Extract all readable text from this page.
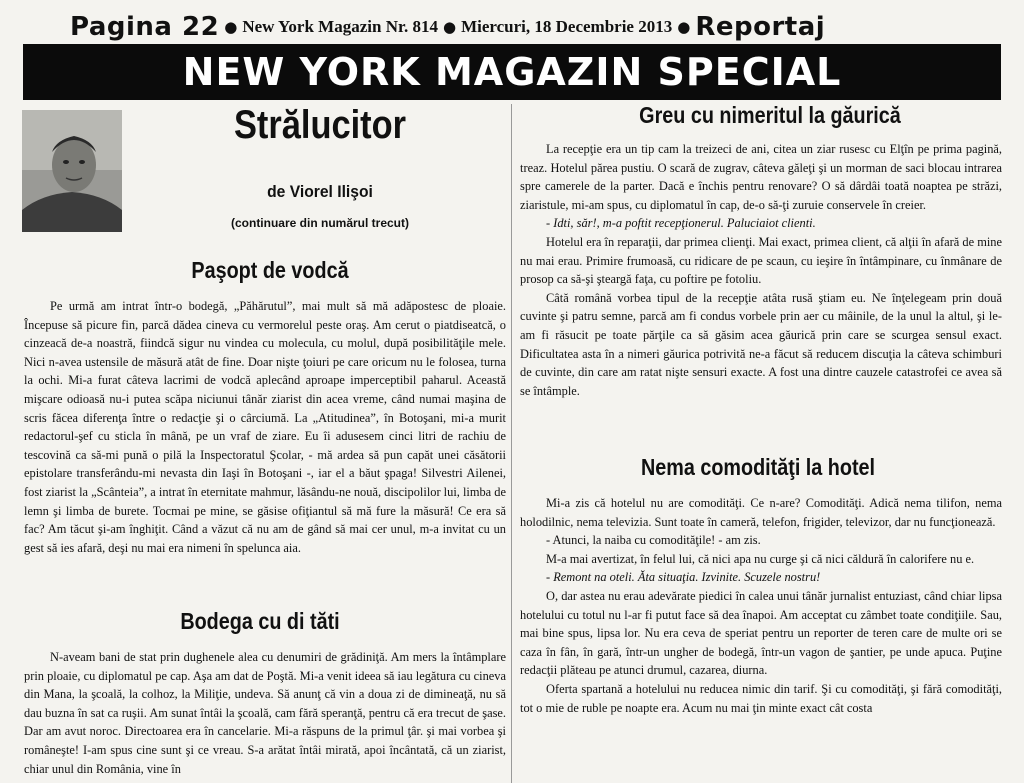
Pagina 22 ● New York Magazin Nr. 814 ● Miercuri, 18 Decembrie 2013 ● Reportaj
NEW YORK MAGAZIN SPECIAL
Strălucitor
de Viorel Ilişoi
(continuare din numărul trecut)
Paşopt de vodcă

Pe urmă am intrat într-o bodegă, „Păhărutul”, mai mult să mă adăpostesc de ploaie. Începuse să picure fin, parcă dădea cineva cu vermorelul peste oraş. Am cerut o piatdiseatcă, o cinzeacă de-a noastră, fiindcă sigur nu vindea cu molecula, cu molul, după posibilităţile mele. Nici n-avea ustensile de măsură atât de fine. Doar nişte ţoiuri pe care oricum nu le folosea, turna la ochi. Mi-a furat câteva lacrimi de vodcă aplecând aproape imperceptibil paharul. Această mişcare odioasă nu-i putea scăpa niciunui tânăr ziarist din acea vreme, când numai maşina de scris făcea diferenţa între o redacţie şi o cârciumă. La „Atitudinea”, în Botoşani, mi-a murit redactorul-şef cu sticla în mână, pe un vraf de ziare. Eu îi adusesem cinci litri de rachiu de tescovină ca să-mi pună o pilă la Inspectoratul Şcolar, - mă ardea să pun capăt unei căsătorii epistolare transferându-mi nevasta din Iaşi în Botoşani -, iar el a băut şpaga! Silvestri Ailenei, fost ziarist la „Scânteia”, a intrat în eternitate mahmur, lăsându-ne nouă, discipolilor lui, limba de lemn şi limba de burete. Tocmai pe mine, se găsise ofiţiantul să mă fure la măsură! Ce era să fac? Am tăcut şi-am înghiţit. Când a văzut că nu am de gând să mai cer unul, m-a invitat cu un gest să ies afară, deşi nu mai era nimeni în spelunca aia.

Bodega cu di tăti

N-aveam bani de stat prin dughenele alea cu denumiri de grădiniţă. Am mers la întâmplare prin ploaie, cu diplomatul pe cap. Aşa am dat de Poştă. Mi-a venit ideea să iau legătura cu cineva din Mana, la şcoală, la colhoz, la Miliţie, undeva. Să anunţ că vin a doua zi de dimineaţă, nu să dau buzna în sat ca ruşii. Am sunat întâi la şcoală, cam fără speranţă, pentru că era trecut de şase. Dar am avut noroc. Directoarea era în cancelarie. Mi-a răspuns de la primul ţâr. şi mai vorbea şi româneşte! I-am spus cine sunt şi ce vreau. S-a arătat întâi mirată, apoi încântată, că un ziarist, chiar unul din România, vine în

Greu cu nimeritul la găurică

La recepţie era un tip cam la treizeci de ani, citea un ziar rusesc cu Elţîn pe prima pagină, treaz. Hotelul părea pustiu. O scară de zugrav, câteva găleţi şi un morman de saci blocau intrarea spre camerele de la parter. Dacă e închis pentru renovare? O să dârdâi toată noaptea pe străzi, ziaristule, mi-am spus, cu diplomatul în cap, de-o să-ţi zuruie conservele în creier.

- Idti, săr!, m-a poftit recepţionerul. Paluciaiot clienti.

Hotelul era în reparaţii, dar primea clienţi. Mai exact, primea client, că alţii în afară de mine nu mai erau. Primire frumoasă, cu ridicare de pe scaun, cu ieşire în întâmpinare, cu înmânare de prosop ca să-şi şteargă faţa, cu poftire pe fotoliu.

Câtă română vorbea tipul de la recepţie atâta rusă ştiam eu. Ne înţelegeam prin două cuvinte şi patru semne, parcă am fi condus vorbele prin aer cu mâinile, de la unul la altul, şi le-am fi răsucit pe toate părţile ca să găsim acea găurică prin care se scurgea sensul exact. Dificultatea asta în a nimeri găurica potrivită ne-a făcut să reducem discuţia la câteva schimburi de cuvinte, din care am ratat nişte sensuri exacte. A fost una dintre cauzele catastrofei ce avea să se întâmple.

Nema comodităţi la hotel

Mi-a zis că hotelul nu are comodităţi. Ce n-are? Comodităţi. Adică nema tilifon, nema holodilnic, nema televizia. Sunt toate în cameră, telefon, frigider, televizor, dar nu funcţionează.

- Atunci, la naiba cu comodităţile! - am zis.

M-a mai avertizat, în felul lui, că nici apa nu curge şi că nici căldură în calorifere nu e.

- Remont na oteli. Ăta situaţia. Izvinite. Scuzele nostru!

O, dar astea nu erau adevărate piedici în calea unui tânăr jurnalist entuziast, când chiar lipsa hotelului cu totul nu l-ar fi putut face să dea înapoi. Am acceptat cu zâmbet toate condiţiile. Sau, mai bine spus, lipsa lor. Nu era ceva de speriat pentru un reporter de teren care de multe ori se caza în fân, în gară, într-un ungher de bodegă, într-un vagon de şantier, pe unde apuca. Puţine redacţii plăteau pe atunci drumul, cazarea, diurna.

Oferta spartană a hotelului nu reducea nimic din tarif. Şi cu comodităţi, şi fără comodităţi, tot o mie de ruble pe noapte era. Acum nu mai ţin minte exact cât costa
